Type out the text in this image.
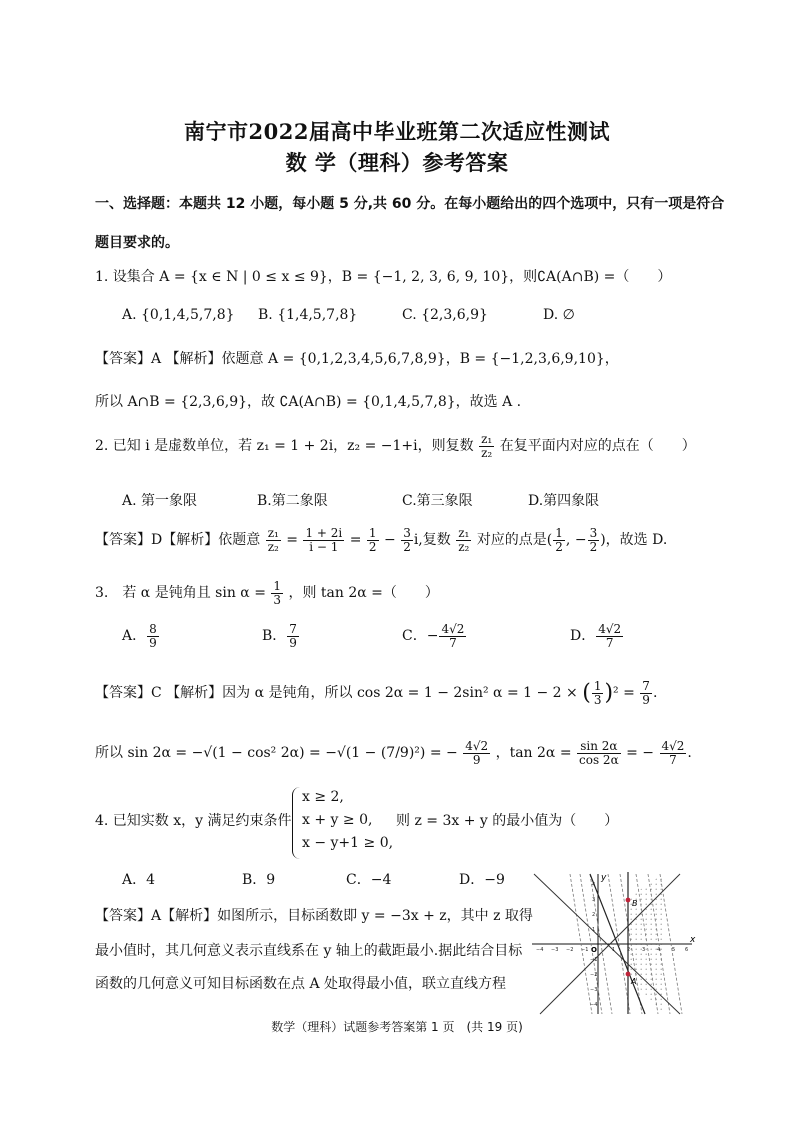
南宁市2022届高中毕业班第二次适应性测试
数 学（理科）参考答案
一、选择题：本题共 12 小题，每小题 5 分,共 60 分。在每小题给出的四个选项中，只有一项是符合
题目要求的。
1. 设集合 A = {x ∈ N | 0 ≤ x ≤ 9}，B = {−1, 2, 3, 6, 9, 10}，则∁A(A∩B) =（　　）
A. {0,1,4,5,7,8} B. {1,4,5,7,8}	C. {2,3,6,9}	D. ∅
【答案】A 【解析】依题意 A = {0,1,2,3,4,5,6,7,8,9}，B = {−1,2,3,6,9,10}，
所以 A∩B = {2,3,6,9}，故 ∁A(A∩B) = {0,1,4,5,7,8}，故选 A .
2. 已知 i 是虚数单位，若 z₁ = 1 + 2i，z₂ = −1+i，则复数 $\frac{\text{z₁}}{\text{z₂}}$ 在复平面内对应的点在（　　）
A. 第一象限	B.第二象限	C.第三象限	D.第四象限
【答案】D【解析】依题意 $\frac{\text{z₁}}{\text{z₂}} = \frac{1 + 2i}{i - 1} = \frac{1}{2} - \frac{3}{2} i$,复数 $\frac{\text{z₁}}{\text{z₂}}$ 对应的点是( $\frac{1}{2}$ , − $\frac{3}{2}$ )，故选 D.
3.　若 α 是钝角且 $\sin \alpha = \frac{1}{3}$ ，则 tan 2α =（　　）
A． $\frac{8}{9}$	B． $\frac{7}{9}$	C．− $\frac{4√2}{7}$	D． $\frac{4√2}{7}$
【答案】C 【解析】因为 α 是钝角，所以 cos 2α = 1 − 2sin² α = 1 − 2 × ( $\frac{1}{3} )^2 = \frac{7}{9}$ .
所以 sin 2α = −√(1 − cos² 2α) = −√(1 − (7/9)²) = − $\frac{4√2}{9}$ ，$\tan 2\alpha = \frac{\sin 2\alpha}{\cos 2\alpha}$ = − $\frac{4√2}{7}$ .
4. 已知实数 x，y 满足约束条件
x ≥ 2,
x + y ≥ 0,
x − y+1 ≥ 0,
则 z = 3x + y 的最小值为（　　）
A．4	B．9	C．−4	D．−9
【答案】A【解析】如图所示，目标函数即 y = −3x + z，其中 z 取得
最小值时，其几何意义表示直线系在 y 轴上的截距最小.据此结合目标
函数的几何意义可知目标函数在点 A 处取得最小值，联立直线方程
B
A
x
y
O
−4 −3 −2 −1	1 2 3 4 5 6
4
3
2
1
−1
−2
−3
−4
数学（理科）试题参考答案第 1 页　(共 19 页)
